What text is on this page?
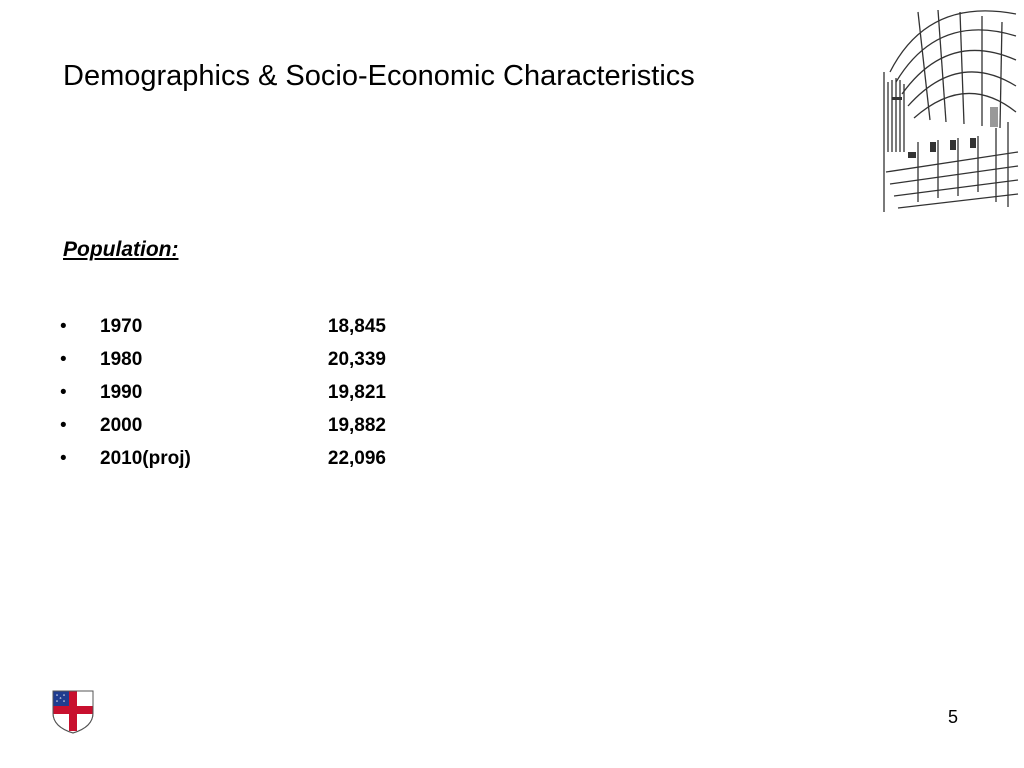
Demographics & Socio-Economic Characteristics
Population:
• 1970	18,845
• 1980	20,339
• 1990	19,821
• 2000	19,882
• 2010(proj)	22,096
5
